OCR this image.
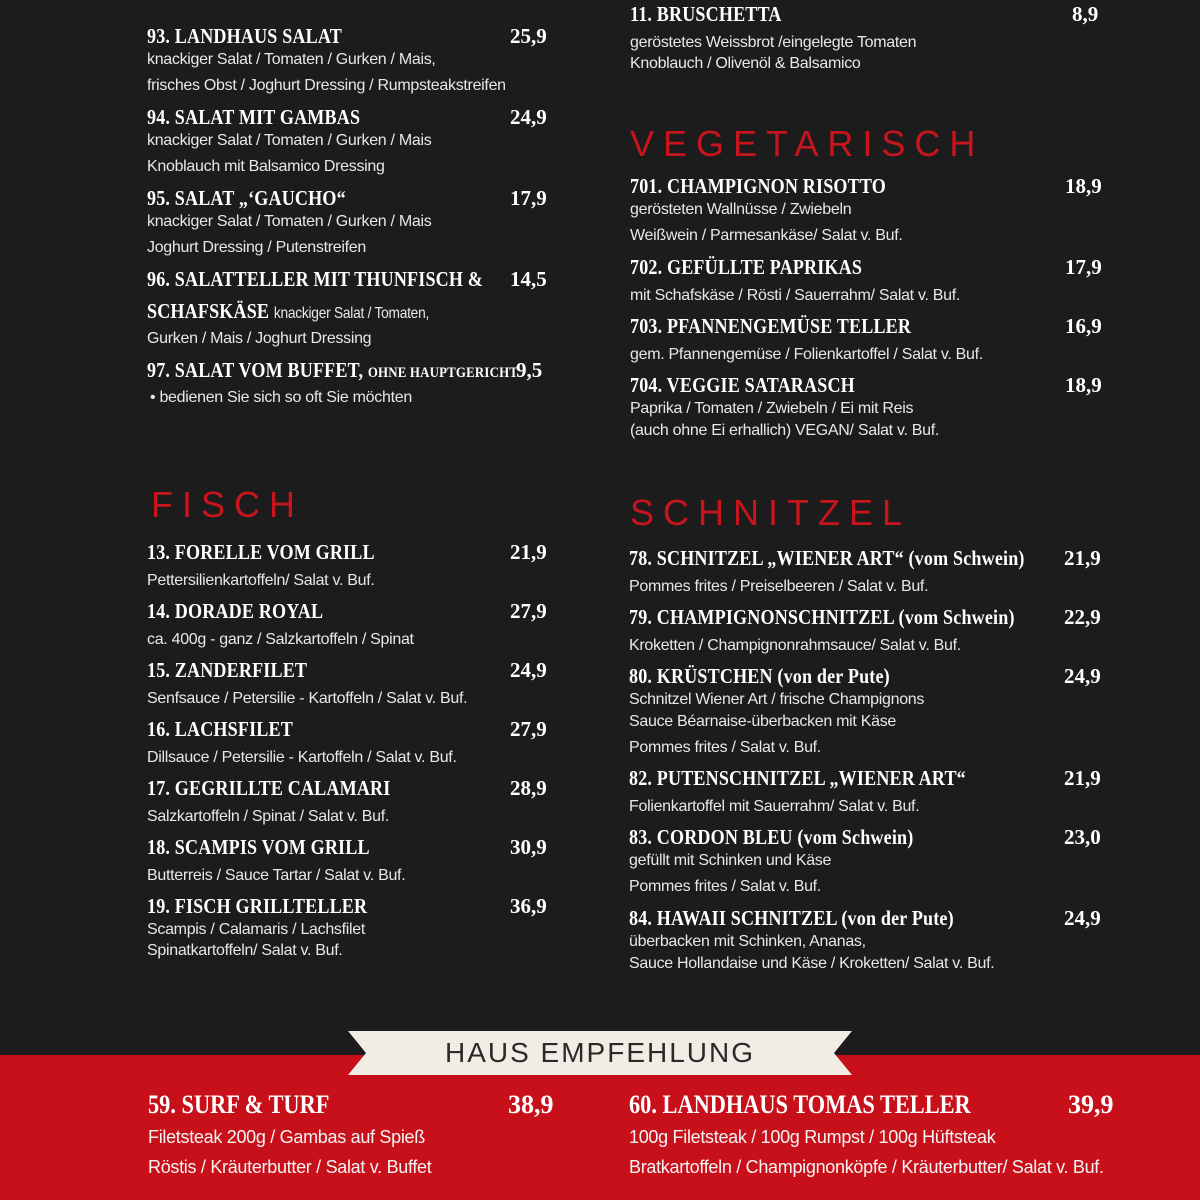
93. LANDHAUS SALAT	25,9
knackiger Salat / Tomaten / Gurken / Mais,
frisches Obst / Joghurt Dressing / Rumpsteakstreifen
94. SALAT MIT GAMBAS	24,9
knackiger Salat / Tomaten / Gurken / Mais
Knoblauch mit Balsamico Dressing
95. SALAT „‘GAUCHO“	17,9
knackiger Salat / Tomaten / Gurken / Mais
Joghurt Dressing / Putenstreifen
96. SALATTELLER MIT THUNFISCH & 14,5
SCHAFSKÄSE knackiger Salat / Tomaten,
Gurken / Mais / Joghurt Dressing
97. SALAT VOM BUFFET, OHNE HAUPTGERICHT
9,5
• bedienen Sie sich so oft Sie möchten
FISCH
13. FORELLE VOM GRILL	21,9
Pettersilienkartoffeln/ Salat v. Buf.
14. DORADE ROYAL	27,9
ca. 400g - ganz / Salzkartoffeln / Spinat
15. ZANDERFILET	24,9
Senfsauce / Petersilie - Kartoffeln / Salat v. Buf.
16. LACHSFILET	27,9
Dillsauce / Petersilie - Kartoffeln / Salat v. Buf.
17. GEGRILLTE CALAMARI	28,9
Salzkartoffeln / Spinat / Salat v. Buf.
18. SCAMPIS VOM GRILL	30,9
Butterreis / Sauce Tartar / Salat v. Buf.
19. FISCH GRILLTELLER	36,9
Scampis / Calamaris / Lachsfilet
Spinatkartoffeln/ Salat v. Buf.
11. BRUSCHETTA	8,9
geröstetes Weissbrot /eingelegte Tomaten
Knoblauch / Olivenöl & Balsamico
VEGETARISCH
701. CHAMPIGNON RISOTTO	18,9
gerösteten Wallnüsse / Zwiebeln
Weißwein / Parmesankäse/ Salat v. Buf.
702. GEFÜLLTE PAPRIKAS	17,9
mit Schafskäse / Rösti / Sauerrahm/ Salat v. Buf.
703. PFANNENGEMÜSE TELLER	16,9
gem. Pfannengemüse / Folienkartoffel / Salat v. Buf.
704. VEGGIE SATARASCH	18,9
Paprika / Tomaten / Zwiebeln / Ei mit Reis
(auch ohne Ei erhallich) VEGAN/ Salat v. Buf.
SCHNITZEL
78. SCHNITZEL „WIENER ART“ (vom Schwein) 21,9
Pommes frites / Preiselbeeren / Salat v. Buf.
79. CHAMPIGNONSCHNITZEL (vom Schwein) 22,9
Kroketten / Champignonrahmsauce/ Salat v. Buf.
80. KRÜSTCHEN (von der Pute)	24,9
Schnitzel Wiener Art / frische Champignons
Sauce Béarnaise-überbacken mit Käse
Pommes frites / Salat v. Buf.
82. PUTENSCHNITZEL „WIENER ART“	21,9
Folienkartoffel mit Sauerrahm/ Salat v. Buf.
83. CORDON BLEU (vom Schwein)	23,0
gefüllt mit Schinken und Käse
Pommes frites / Salat v. Buf.
84. HAWAII SCHNITZEL (von der Pute)	24,9
überbacken mit Schinken, Ananas,
Sauce Hollandaise und Käse / Kroketten/ Salat v. Buf.
HAUS EMPFEHLUNG
59. SURF & TURF	38,9
Filetsteak 200g / Gambas auf Spieß
Röstis / Kräuterbutter / Salat v. Buffet
60. LANDHAUS TOMAS TELLER	39,9
100g Filetsteak / 100g Rumpst / 100g Hüftsteak
Bratkartoffeln / Champignonköpfe / Kräuterbutter/ Salat v. Buf.
